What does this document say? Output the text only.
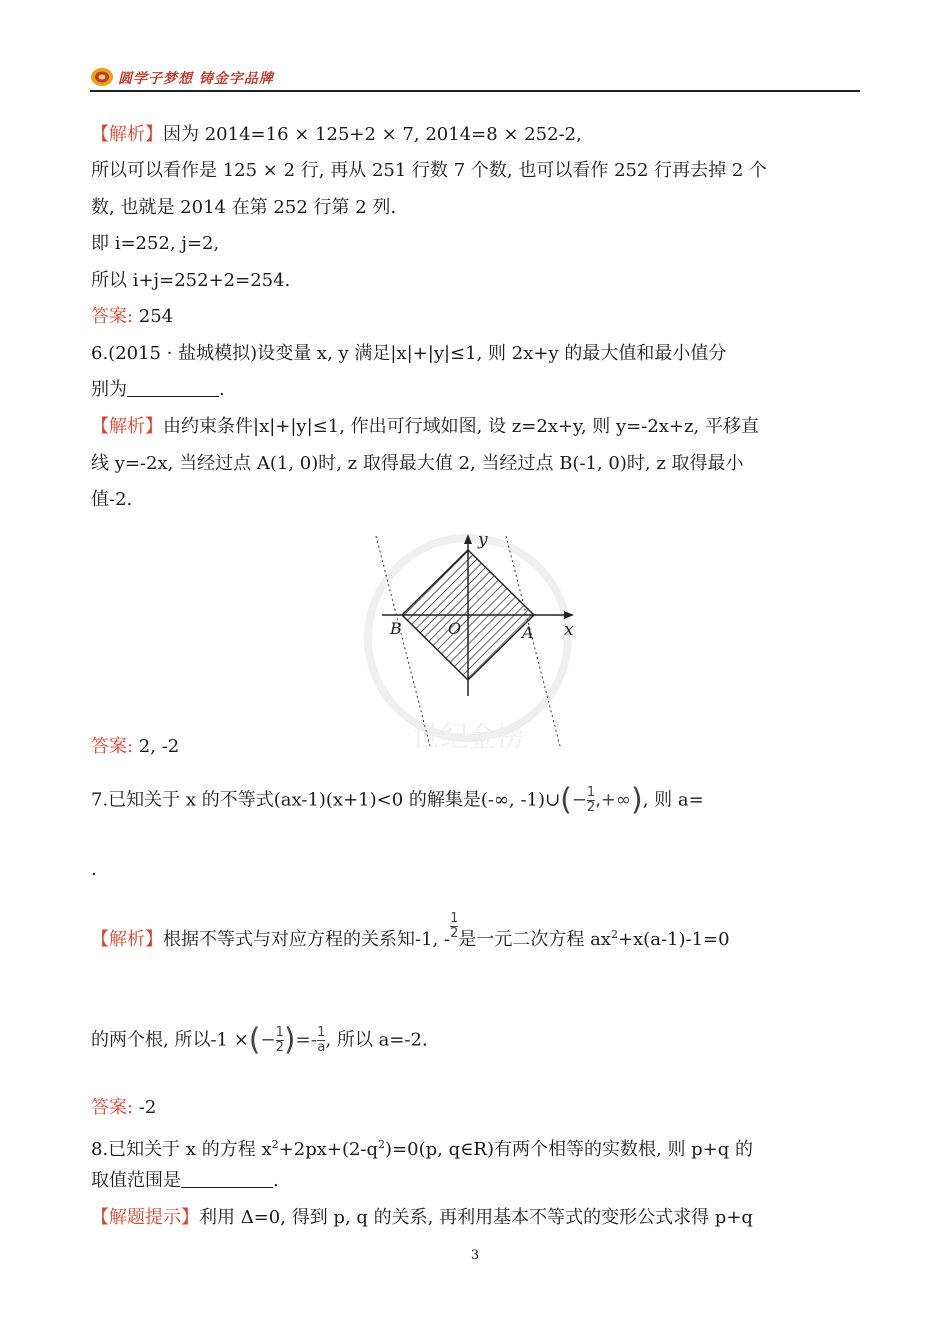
圆学子梦想 铸金字品牌
【解析】因为 2014=16 × 125+2 × 7, 2014=8 × 252-2,
所以可以看作是 125 × 2 行, 再从 251 行数 7 个数, 也可以看作 252 行再去掉 2 个
数, 也就是 2014 在第 252 行第 2 列.
即 i=252, j=2,
所以 i+j=252+2=254.
答案: 254
6.(2015 · 盐城模拟)设变量 x, y 满足|x|+|y|≤1, 则 2x+y 的最大值和最小值分
别为	.
【解析】由约束条件|x|+|y|≤1, 作出可行域如图, 设 z=2x+y, 则 y=-2x+z, 平移直
线 y=-2x, 当经过点 A(1, 0)时, z 取得最大值 2, 当经过点 B(-1, 0)时, z 取得最小
值-2.
世纪金榜
y
x
O	A
B
答案: 2, -2
7.已知关于 x 的不等式(ax-1)(x+1)<0 的解集是(-∞, -1)∪(− $\frac{1}{2}$ ,+∞), 则 a=
.
【解析】根据不等式与对应方程的关系知-1, - $\frac{1}{2}$ 是一元二次方程 $ax^2+x(a-1)-1=0$
的两个根, 所以-1 ×(− $\frac{1}{2}$ )=- $\frac{1}{a}$ , 所以 a=-2.
答案: -2
8.已知关于 x 的方程 $x^2+2px+(2-q^2)=0(p$, q∈R)有两个相等的实数根, 则 p+q 的
取值范围是	.
【解题提示】利用 Δ=0, 得到 p, q 的关系, 再利用基本不等式的变形公式求得 p+q
3
